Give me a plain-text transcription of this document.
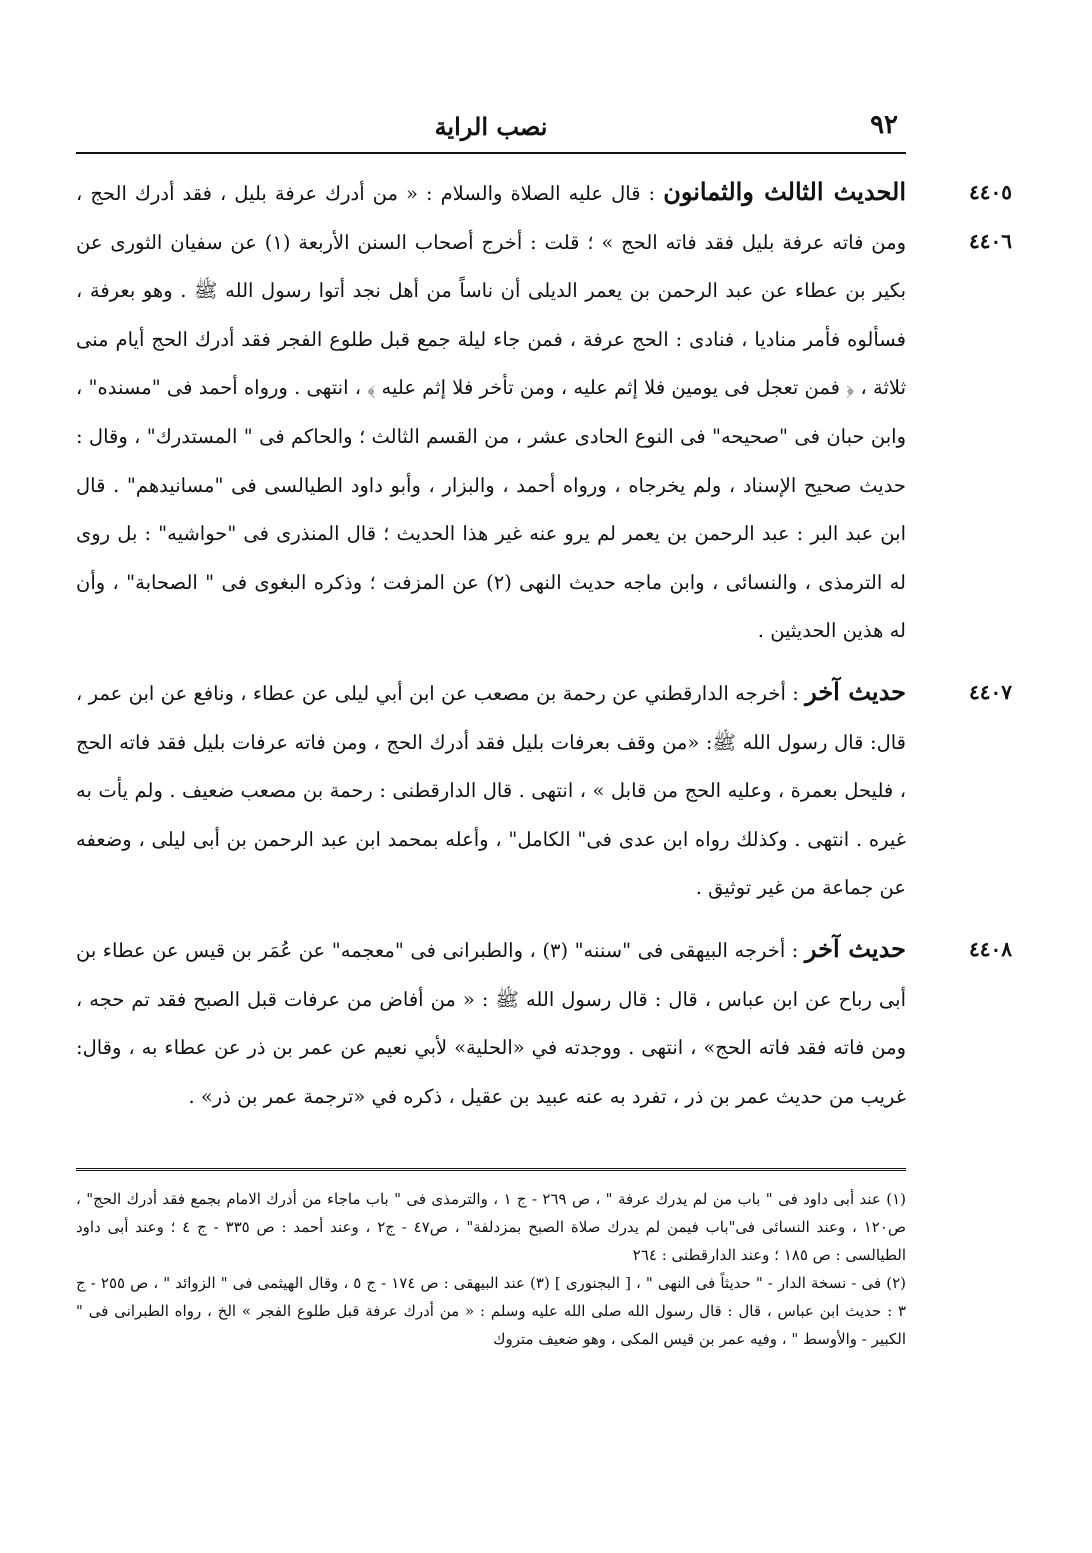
٩٢
نصب الراية

٤٤٠٥
٤٤٠٦
الحديث الثالث والثمانون : قال عليه الصلاة والسلام : « من أدرك عرفة بليل ، فقد أدرك الحج ، ومن فاته عرفة بليل فقد فاته الحج » ؛ قلت : أخرج أصحاب السنن الأربعة (١) عن سفيان الثورى عن بكير بن عطاء عن عبد الرحمن بن يعمر الديلى أن ناساً من أهل نجد أتوا رسول الله ﷺ . وهو بعرفة ، فسألوه فأمر مناديا ، فنادى : الحج عرفة ، فمن جاء ليلة جمع قبل طلوع الفجر فقد أدرك الحج أيام منى ثلاثة ، ﴿ فمن تعجل فى يومين فلا إثم عليه ، ومن تأخر فلا إثم عليه ﴾ ، انتهى . ورواه أحمد فى "مسنده" ، وابن حبان فى "صحيحه" فى النوع الحادى عشر ، من القسم الثالث ؛ والحاكم فى " المستدرك" ، وقال : حديث صحيح الإسناد ، ولم يخرجاه ، ورواه أحمد ، والبزار ، وأبو داود الطيالسى فى "مسانيدهم" . قال ابن عبد البر : عبد الرحمن بن يعمر لم يرو عنه غير هذا الحديث ؛ قال المنذرى فى "حواشيه" : بل روى له الترمذى ، والنسائى ، وابن ماجه حديث النهى (٢) عن المزفت ؛ وذكره البغوى فى " الصحابة" ، وأن له هذين الحديثين .

٤٤٠٧
حديث آخر : أخرجه الدارقطني عن رحمة بن مصعب عن ابن أبي ليلى عن عطاء ، ونافع عن ابن عمر ، قال: قال رسول الله ﷺ: «من وقف بعرفات بليل فقد أدرك الحج ، ومن فاته عرفات بليل فقد فاته الحج ، فليحل بعمرة ، وعليه الحج من قابل » ، انتهى . قال الدارقطنى : رحمة بن مصعب ضعيف . ولم يأت به غيره . انتهى . وكذلك رواه ابن عدى فى" الكامل" ، وأعله بمحمد ابن عبد الرحمن بن أبى ليلى ، وضعفه عن جماعة من غير توثيق .

٤٤٠٨
حديث آخر : أخرجه البيهقى فى "سننه" (٣) ، والطبرانى فى "معجمه" عن عُمَر بن قيس عن عطاء بن أبى رباح عن ابن عباس ، قال : قال رسول الله ﷺ : « من أفاض من عرفات قبل الصبح فقد تم حجه ، ومن فاته فقد فاته الحج» ، انتهى . ووجدته في «الحلية» لأبي نعيم عن عمر بن ذر عن عطاء به ، وقال: غريب من حديث عمر بن ذر ، تفرد به عنه عبيد بن عقيل ، ذكره في «ترجمة عمر بن ذر» .

(١) عند أبى داود فى " باب من لم يدرك عرفة " ، ص ٢٦٩ - ج ١ ، والترمذى فى " باب ماجاء من أدرك الامام بجمع فقد أدرك الحج" ، ص١٢٠ ، وعند النسائى فى"باب فيمن لم يدرك صلاة الصبح بمزدلفة" ، ص٤٧ - ج٢ ، وعند أحمد : ص ٣٣٥ - ج ٤ ؛ وعند أبى داود الطيالسى : ص ١٨٥ ؛ وعند الدارقطنى : ٢٦٤

(٢) فى - نسخة الدار - " حديثاً فى النهى " ، [ البجنورى ] (٣) عند البيهقى : ص ١٧٤ - ج ٥ ، وقال الهيثمى فى " الزوائد " ، ص ٢٥٥ - ج ٣ : حديث ابن عباس ، قال : قال رسول الله صلى الله عليه وسلم : « من أدرك عرفة قبل طلوع الفجر » الخ ، رواه الطبرانى فى " الكبير - والأوسط " ، وفيه عمر بن قيس المكى ، وهو ضعيف متروك
